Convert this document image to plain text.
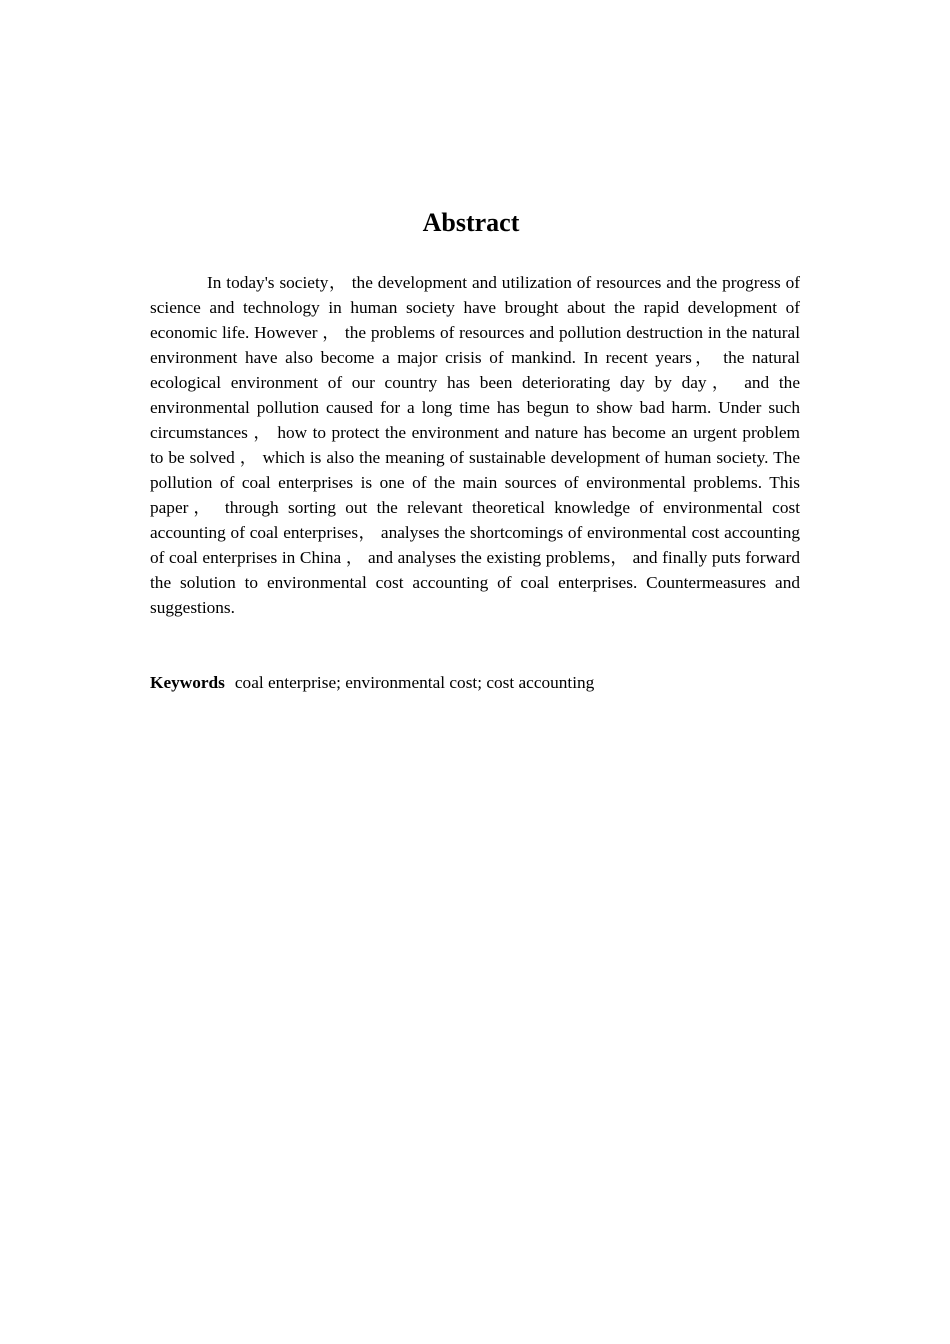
Abstract

In today's society， the development and utilization of resources and the progress of science and technology in human society have brought about the rapid development of economic life. However ， the problems of resources and pollution destruction in the natural environment have also become a major crisis of mankind. In recent years， the natural ecological environment of our country has been deteriorating day by day， and the environmental pollution caused for a long time has begun to show bad harm. Under such circumstances ， how to protect the environment and nature has become an urgent problem to be solved ， which is also the meaning of sustainable development of human society. The pollution of coal enterprises is one of the main sources of environmental problems. This paper， through sorting out the relevant theoretical knowledge of environmental cost accounting of coal enterprises， analyses the shortcomings of environmental cost accounting of coal enterprises in China ， and analyses the existing problems， and finally puts forward the solution to environmental cost accounting of coal enterprises. Countermeasures and suggestions.

Keywords coal enterprise; environmental cost; cost accounting
